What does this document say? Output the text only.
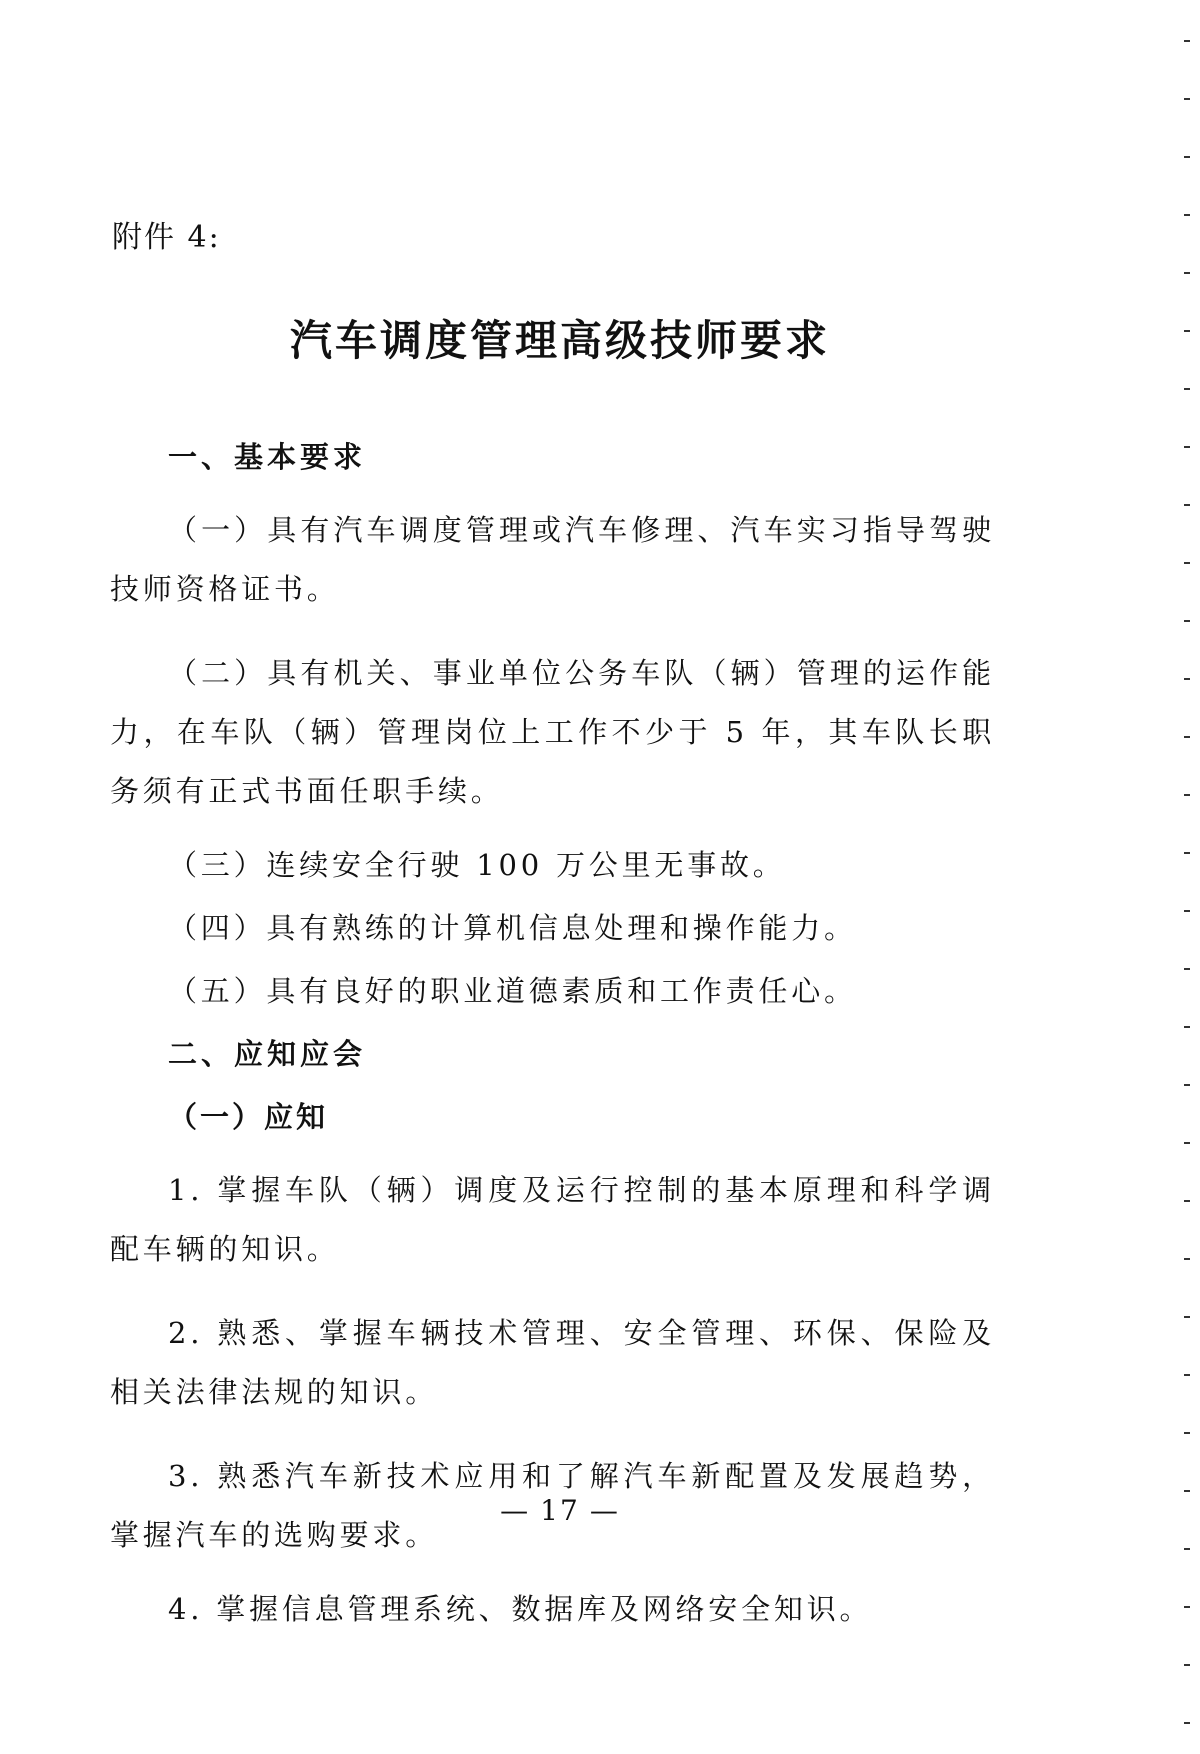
附件 4:

汽车调度管理高级技师要求
一、基本要求

（一）具有汽车调度管理或汽车修理、汽车实习指导驾驶技师资格证书。

（二）具有机关、事业单位公务车队（辆）管理的运作能力，在车队（辆）管理岗位上工作不少于 5 年，其车队长职务须有正式书面任职手续。

（三）连续安全行驶 100 万公里无事故。

（四）具有熟练的计算机信息处理和操作能力。

（五）具有良好的职业道德素质和工作责任心。

二、应知应会
（一）应知

1. 掌握车队（辆）调度及运行控制的基本原理和科学调配车辆的知识。

2. 熟悉、掌握车辆技术管理、安全管理、环保、保险及相关法律法规的知识。

3. 熟悉汽车新技术应用和了解汽车新配置及发展趋势，掌握汽车的选购要求。

4. 掌握信息管理系统、数据库及网络安全知识。

— 17 —
